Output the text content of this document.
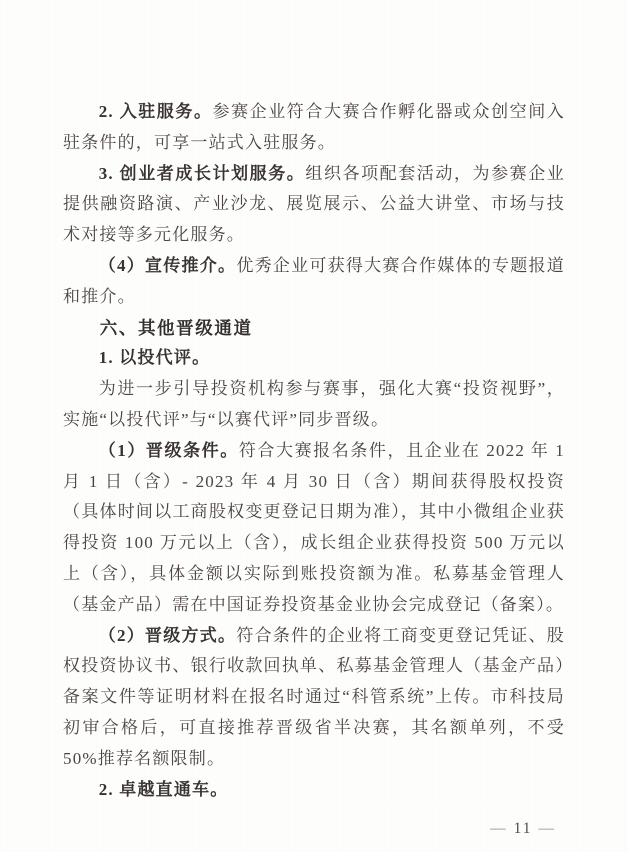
2. 入驻服务。参赛企业符合大赛合作孵化器或众创空间入驻条件的，可享一站式入驻服务。

3. 创业者成长计划服务。组织各项配套活动，为参赛企业提供融资路演、产业沙龙、展览展示、公益大讲堂、市场与技术对接等多元化服务。

（4）宣传推介。优秀企业可获得大赛合作媒体的专题报道和推介。

六、其他晋级通道

1. 以投代评。

为进一步引导投资机构参与赛事，强化大赛“投资视野”，实施“以投代评”与“以赛代评”同步晋级。

（1）晋级条件。符合大赛报名条件，且企业在 2022 年 1 月 1 日（含）- 2023 年 4 月 30 日（含）期间获得股权投资（具体时间以工商股权变更登记日期为准），其中小微组企业获得投资 100 万元以上（含），成长组企业获得投资 500 万元以上（含），具体金额以实际到账投资额为准。私募基金管理人（基金产品）需在中国证券投资基金业协会完成登记（备案）。

（2）晋级方式。符合条件的企业将工商变更登记凭证、股权投资协议书、银行收款回执单、私募基金管理人（基金产品）备案文件等证明材料在报名时通过“科管系统”上传。市科技局初审合格后，可直接推荐晋级省半决赛，其名额单列，不受 50%推荐名额限制。

2. 卓越直通车。

— 11 —
